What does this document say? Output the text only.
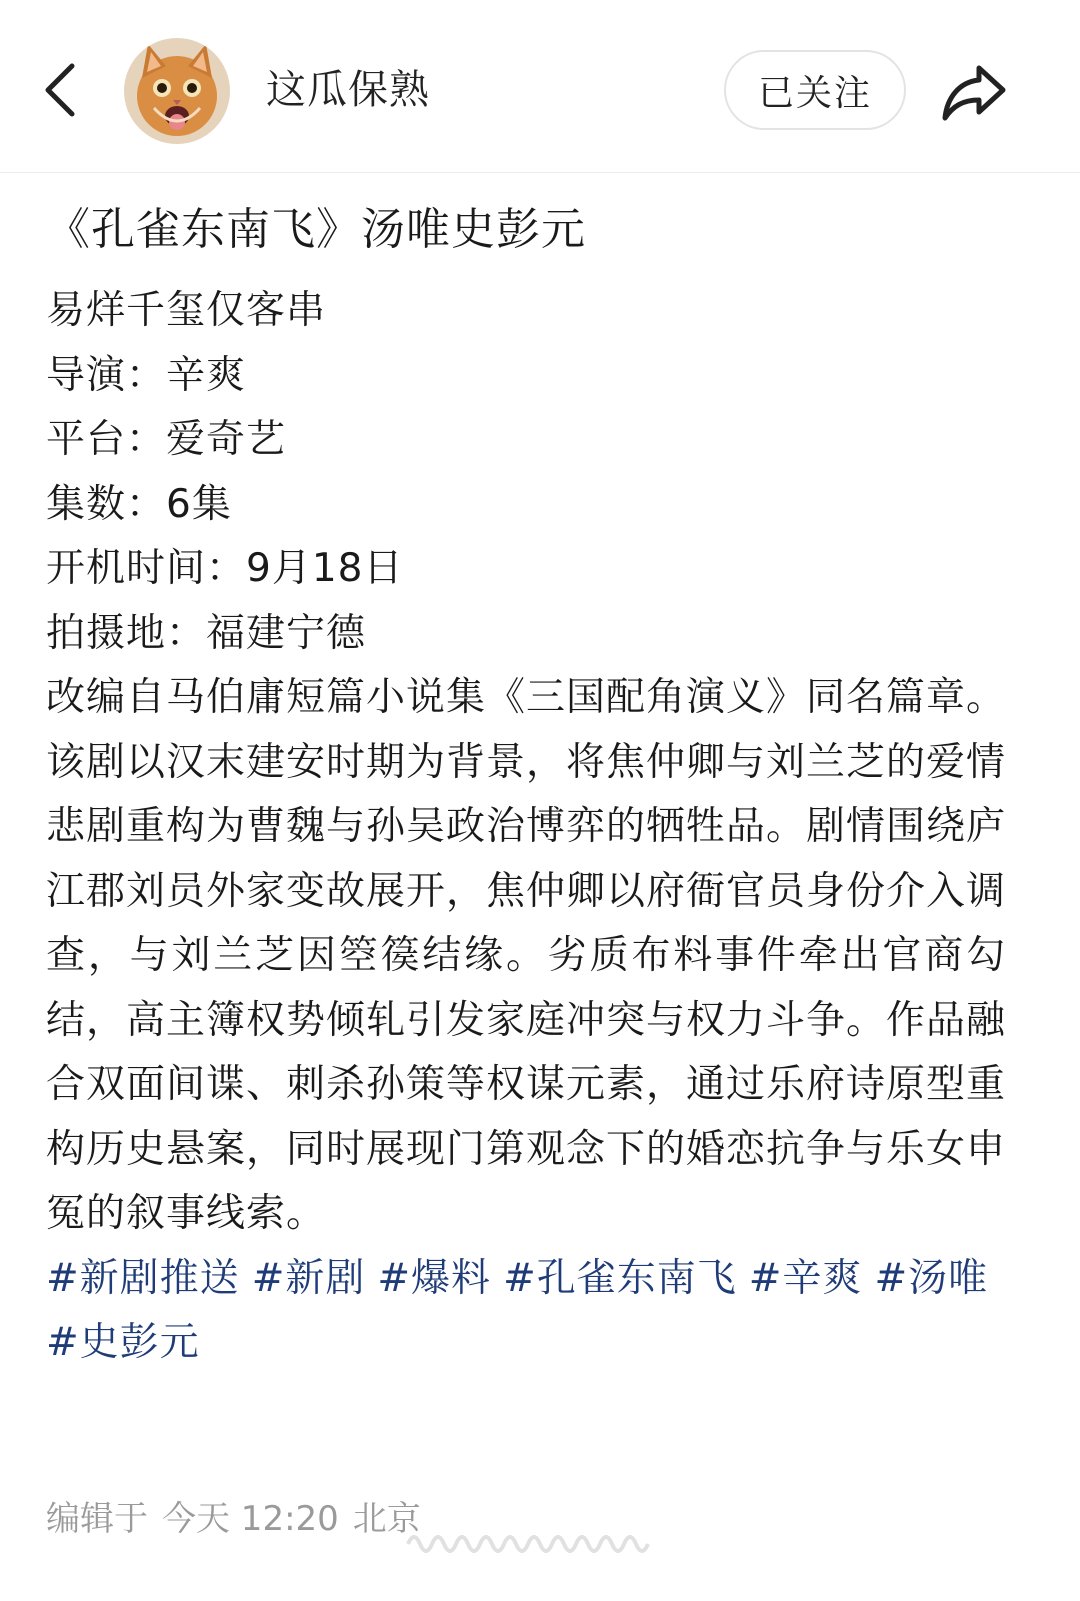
这瓜保熟	已关注
《孔雀东南飞》汤唯史彭元
易烊千玺仅客串
导演：辛爽
平台：爱奇艺
集数：6集
开机时间：9月18日
拍摄地：福建宁德

改编自马伯庸短篇小说集《三国配角演义》同名篇章。该剧以汉末建安时期为背景，将焦仲卿与刘兰芝的爱情悲剧重构为曹魏与孙吴政治博弈的牺牲品。剧情围绕庐江郡刘员外家变故展开，焦仲卿以府衙官员身份介入调查，与刘兰芝因箜篌结缘。劣质布料事件牵出官商勾结，高主簿权势倾轧引发家庭冲突与权力斗争。作品融合双面间谍、刺杀孙策等权谋元素，通过乐府诗原型重构历史悬案，同时展现门第观念下的婚恋抗争与乐女申冤的叙事线索。

#新剧推送 #新剧 #爆料 #孔雀东南飞 #辛爽 #汤唯#史彭元
编辑于 今天 12:20 北京
